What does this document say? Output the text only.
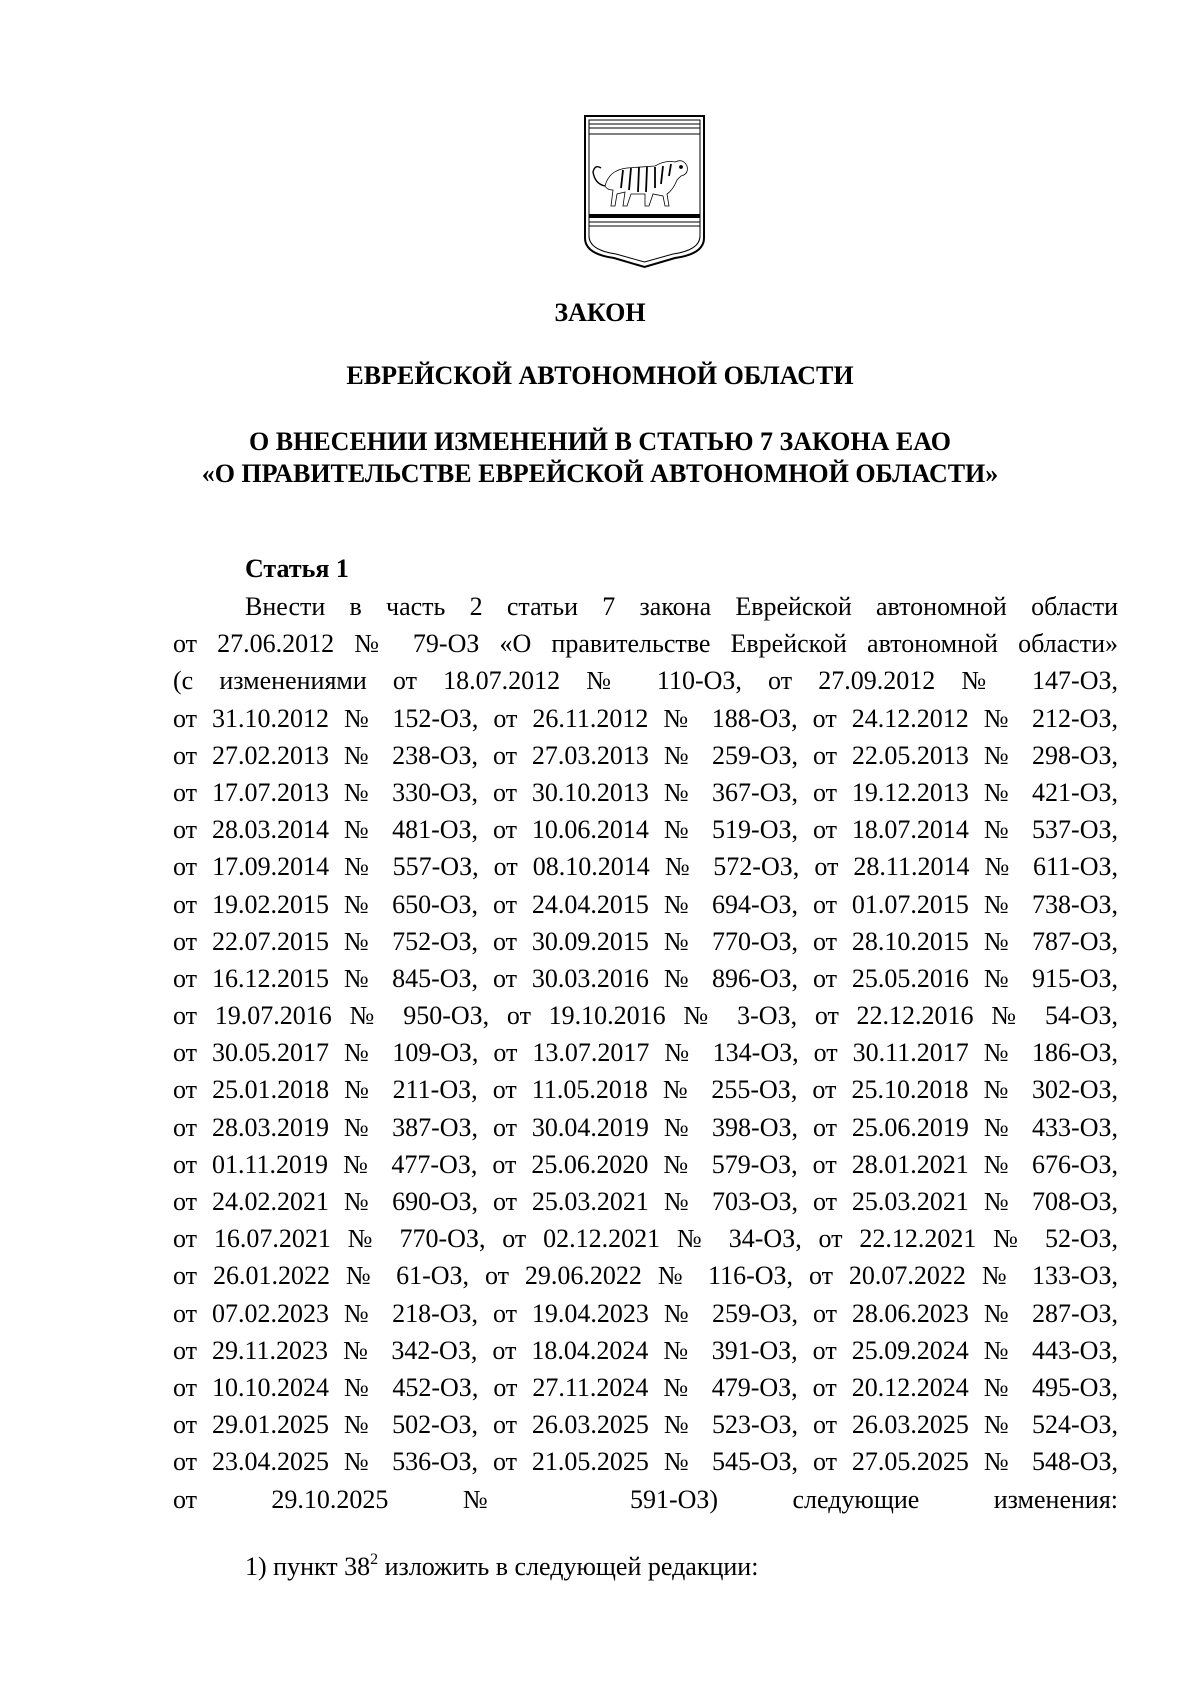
ЗАКОН

ЕВРЕЙСКОЙ АВТОНОМНОЙ ОБЛАСТИ

О ВНЕСЕНИИ ИЗМЕНЕНИЙ В СТАТЬЮ 7 ЗАКОНА ЕАО
«О ПРАВИТЕЛЬСТВЕ ЕВРЕЙСКОЙ АВТОНОМНОЙ ОБЛАСТИ»

Статья 1

Внести в часть 2 статьи 7 закона Еврейской автономной области
от 27.06.2012 № 79-ОЗ «О правительстве Еврейской автономной области»
(с изменениями от 18.07.2012 № 110-ОЗ, от 27.09.2012 № 147-ОЗ,
от 31.10.2012 № 152-ОЗ, от 26.11.2012 № 188-ОЗ, от 24.12.2012 № 212-ОЗ,
от 27.02.2013 № 238-ОЗ, от 27.03.2013 № 259-ОЗ, от 22.05.2013 № 298-ОЗ,
от 17.07.2013 № 330-ОЗ, от 30.10.2013 № 367-ОЗ, от 19.12.2013 № 421-ОЗ,
от 28.03.2014 № 481-ОЗ, от 10.06.2014 № 519-ОЗ, от 18.07.2014 № 537-ОЗ,
от 17.09.2014 № 557-ОЗ, от 08.10.2014 № 572-ОЗ, от 28.11.2014 № 611-ОЗ,
от 19.02.2015 № 650-ОЗ, от 24.04.2015 № 694-ОЗ, от 01.07.2015 № 738-ОЗ,
от 22.07.2015 № 752-ОЗ, от 30.09.2015 № 770-ОЗ, от 28.10.2015 № 787-ОЗ,
от 16.12.2015 № 845-ОЗ, от 30.03.2016 № 896-ОЗ, от 25.05.2016 № 915-ОЗ,
от 19.07.2016 № 950-ОЗ, от 19.10.2016 № 3-ОЗ, от 22.12.2016 № 54-ОЗ,
от 30.05.2017 № 109-ОЗ, от 13.07.2017 № 134-ОЗ, от 30.11.2017 № 186-ОЗ,
от 25.01.2018 № 211-ОЗ, от 11.05.2018 № 255-ОЗ, от 25.10.2018 № 302-ОЗ,
от 28.03.2019 № 387-ОЗ, от 30.04.2019 № 398-ОЗ, от 25.06.2019 № 433-ОЗ,
от 01.11.2019 № 477-ОЗ, от 25.06.2020 № 579-ОЗ, от 28.01.2021 № 676-ОЗ,
от 24.02.2021 № 690-ОЗ, от 25.03.2021 № 703-ОЗ, от 25.03.2021 № 708-ОЗ,
от 16.07.2021 № 770-ОЗ, от 02.12.2021 № 34-ОЗ, от 22.12.2021 № 52-ОЗ,
от 26.01.2022 № 61-ОЗ, от 29.06.2022 № 116-ОЗ, от 20.07.2022 № 133-ОЗ,
от 07.02.2023 № 218-ОЗ, от 19.04.2023 № 259-ОЗ, от 28.06.2023 № 287-ОЗ,
от 29.11.2023 № 342-ОЗ, от 18.04.2024 № 391-ОЗ, от 25.09.2024 № 443-ОЗ,
от 10.10.2024 № 452-ОЗ, от 27.11.2024 № 479-ОЗ, от 20.12.2024 № 495-ОЗ,
от 29.01.2025 № 502-ОЗ, от 26.03.2025 № 523-ОЗ, от 26.03.2025 № 524-ОЗ,
от 23.04.2025 № 536-ОЗ, от 21.05.2025 № 545-ОЗ, от 27.05.2025 № 548-ОЗ,
от 29.10.2025 № 591-ОЗ) следующие изменения:

1) пункт $38^2$ изложить в следующей редакции:
